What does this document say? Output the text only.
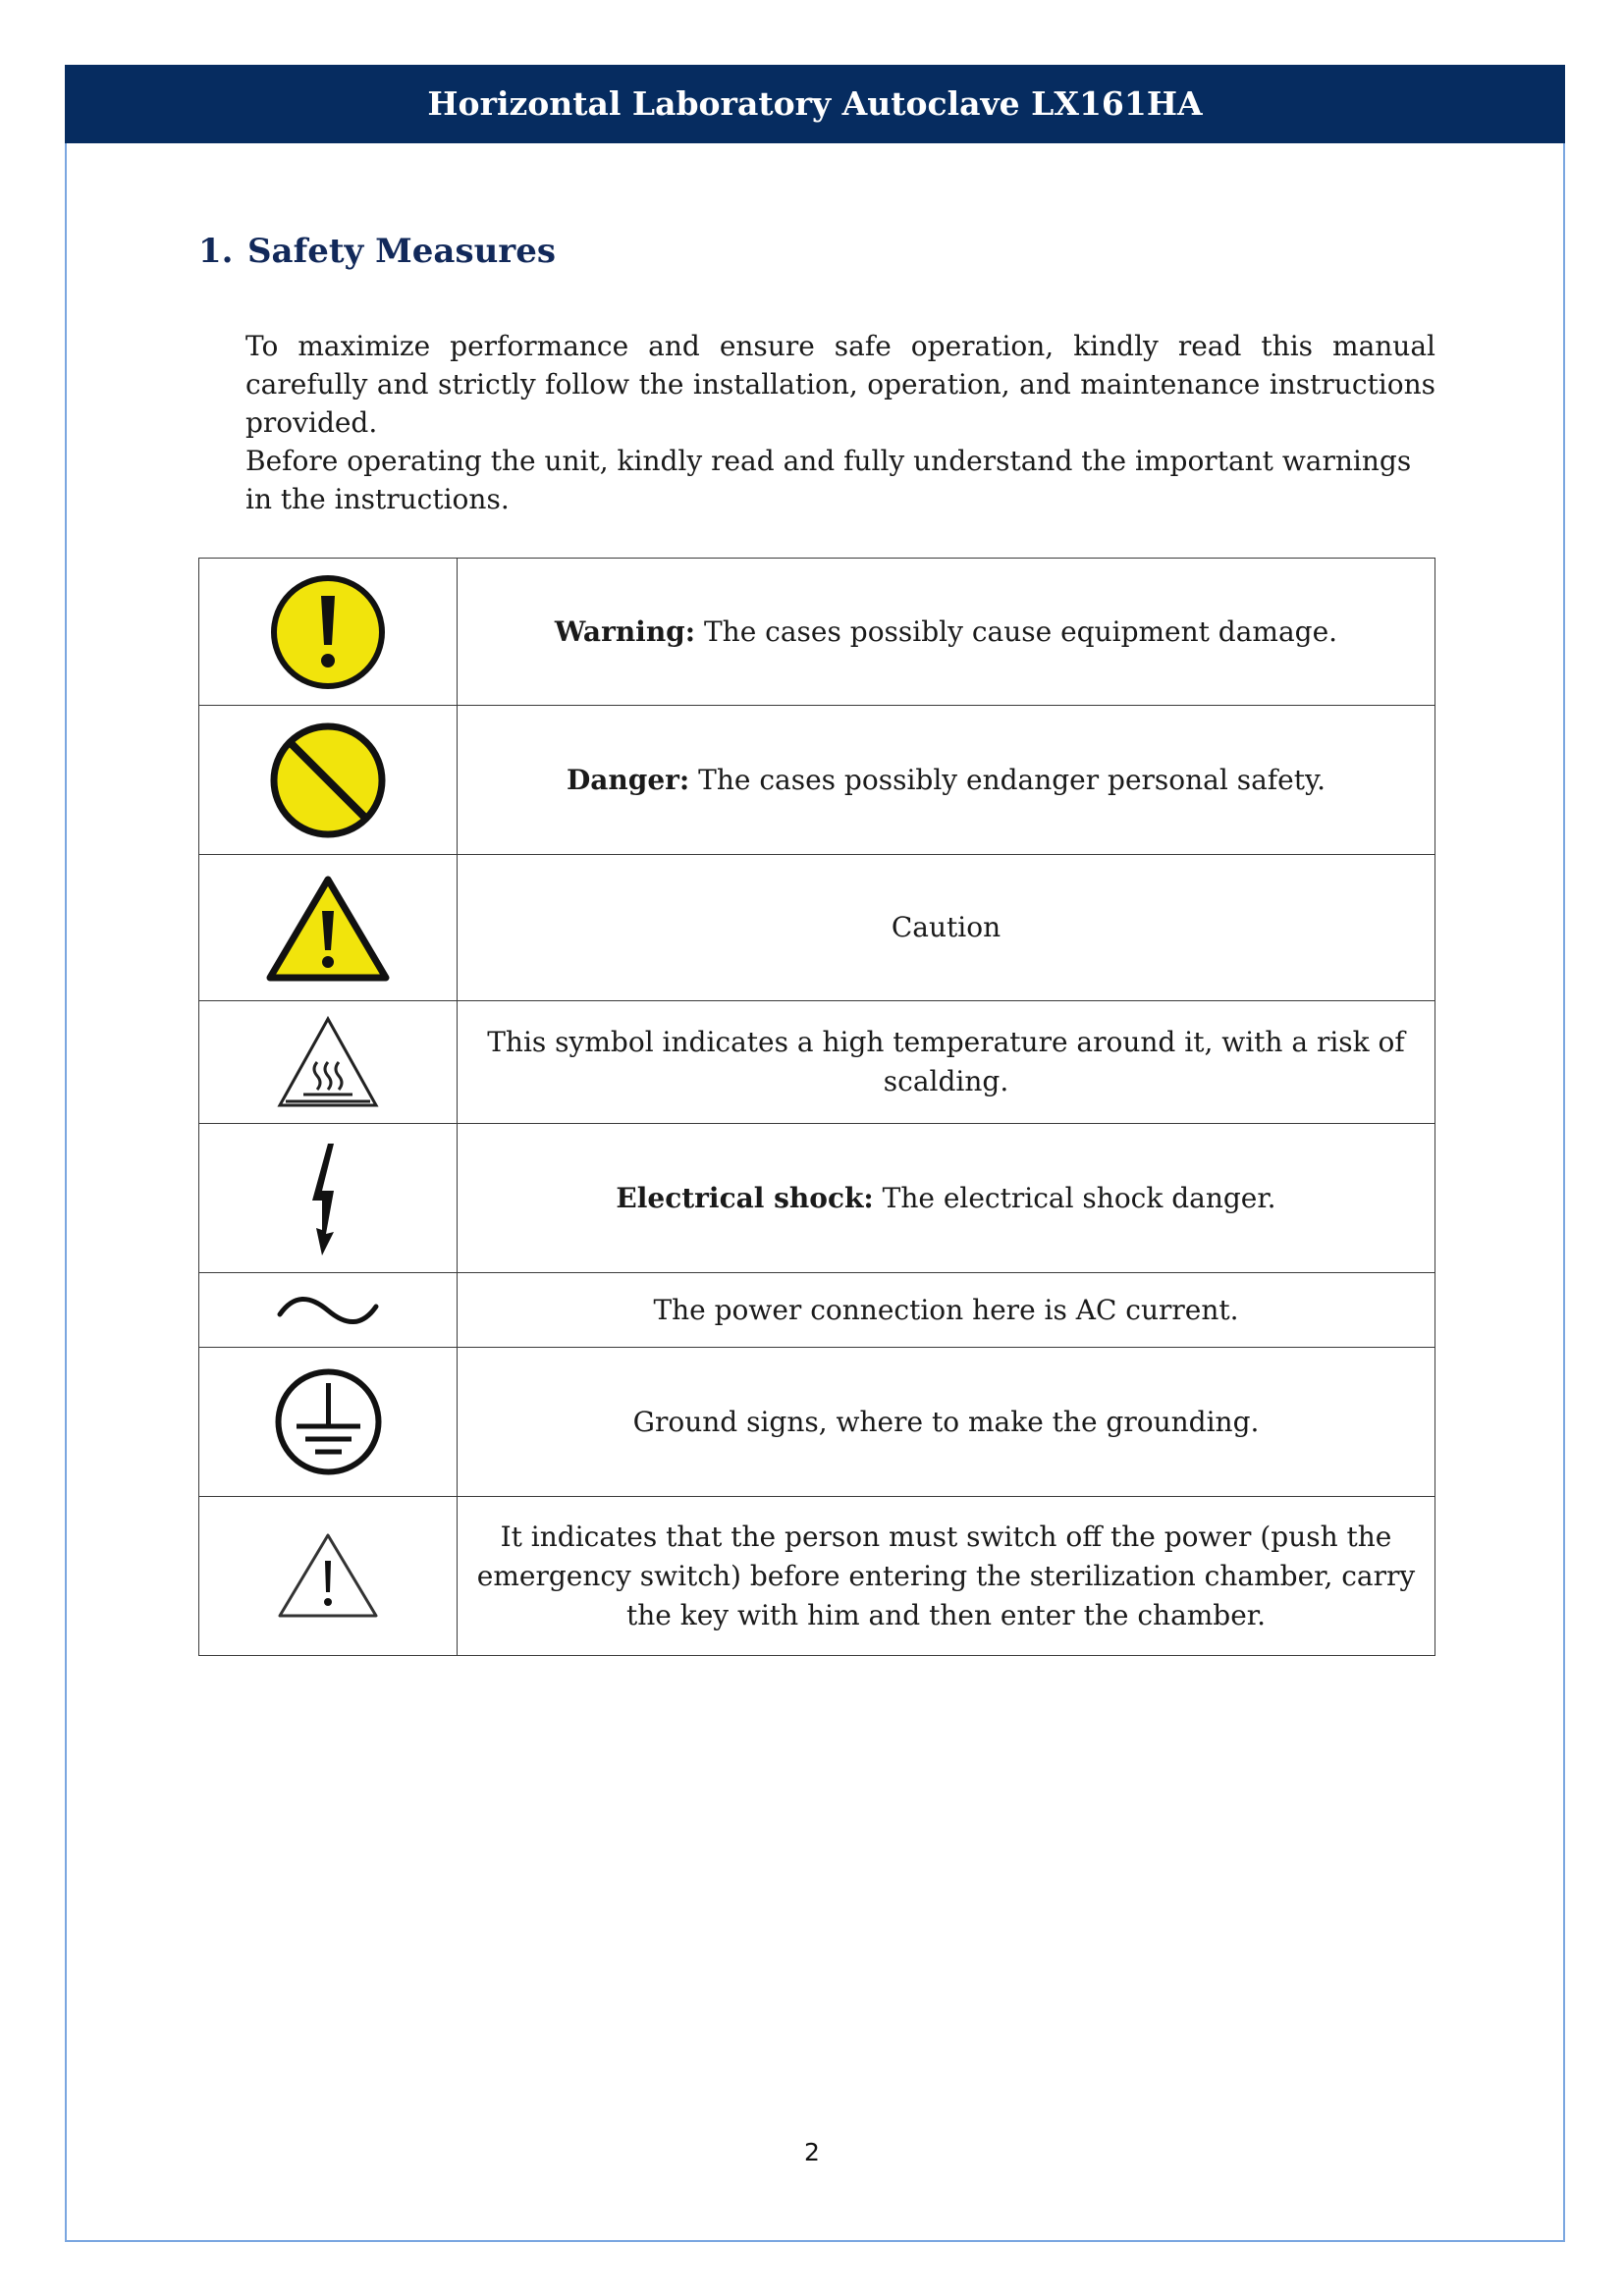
Horizontal Laboratory Autoclave LX161HA
1. Safety Measures
To maximize performance and ensure safe operation, kindly read this manual carefully and strictly follow the installation, operation, and maintenance instructions provided.
Before operating the unit, kindly read and fully understand the important warnings in the instructions.
	Warning: The cases possibly cause equipment damage.

	Danger: The cases possibly endanger personal safety.

	Caution

	This symbol indicates a high temperature around it, with a risk of scalding.

	Electrical shock: The electrical shock danger.

	The power connection here is AC current.

	Ground signs, where to make the grounding.

	It indicates that the person must switch off the power (push the emergency switch) before entering the sterilization chamber, carry the key with him and then enter the chamber.
2
